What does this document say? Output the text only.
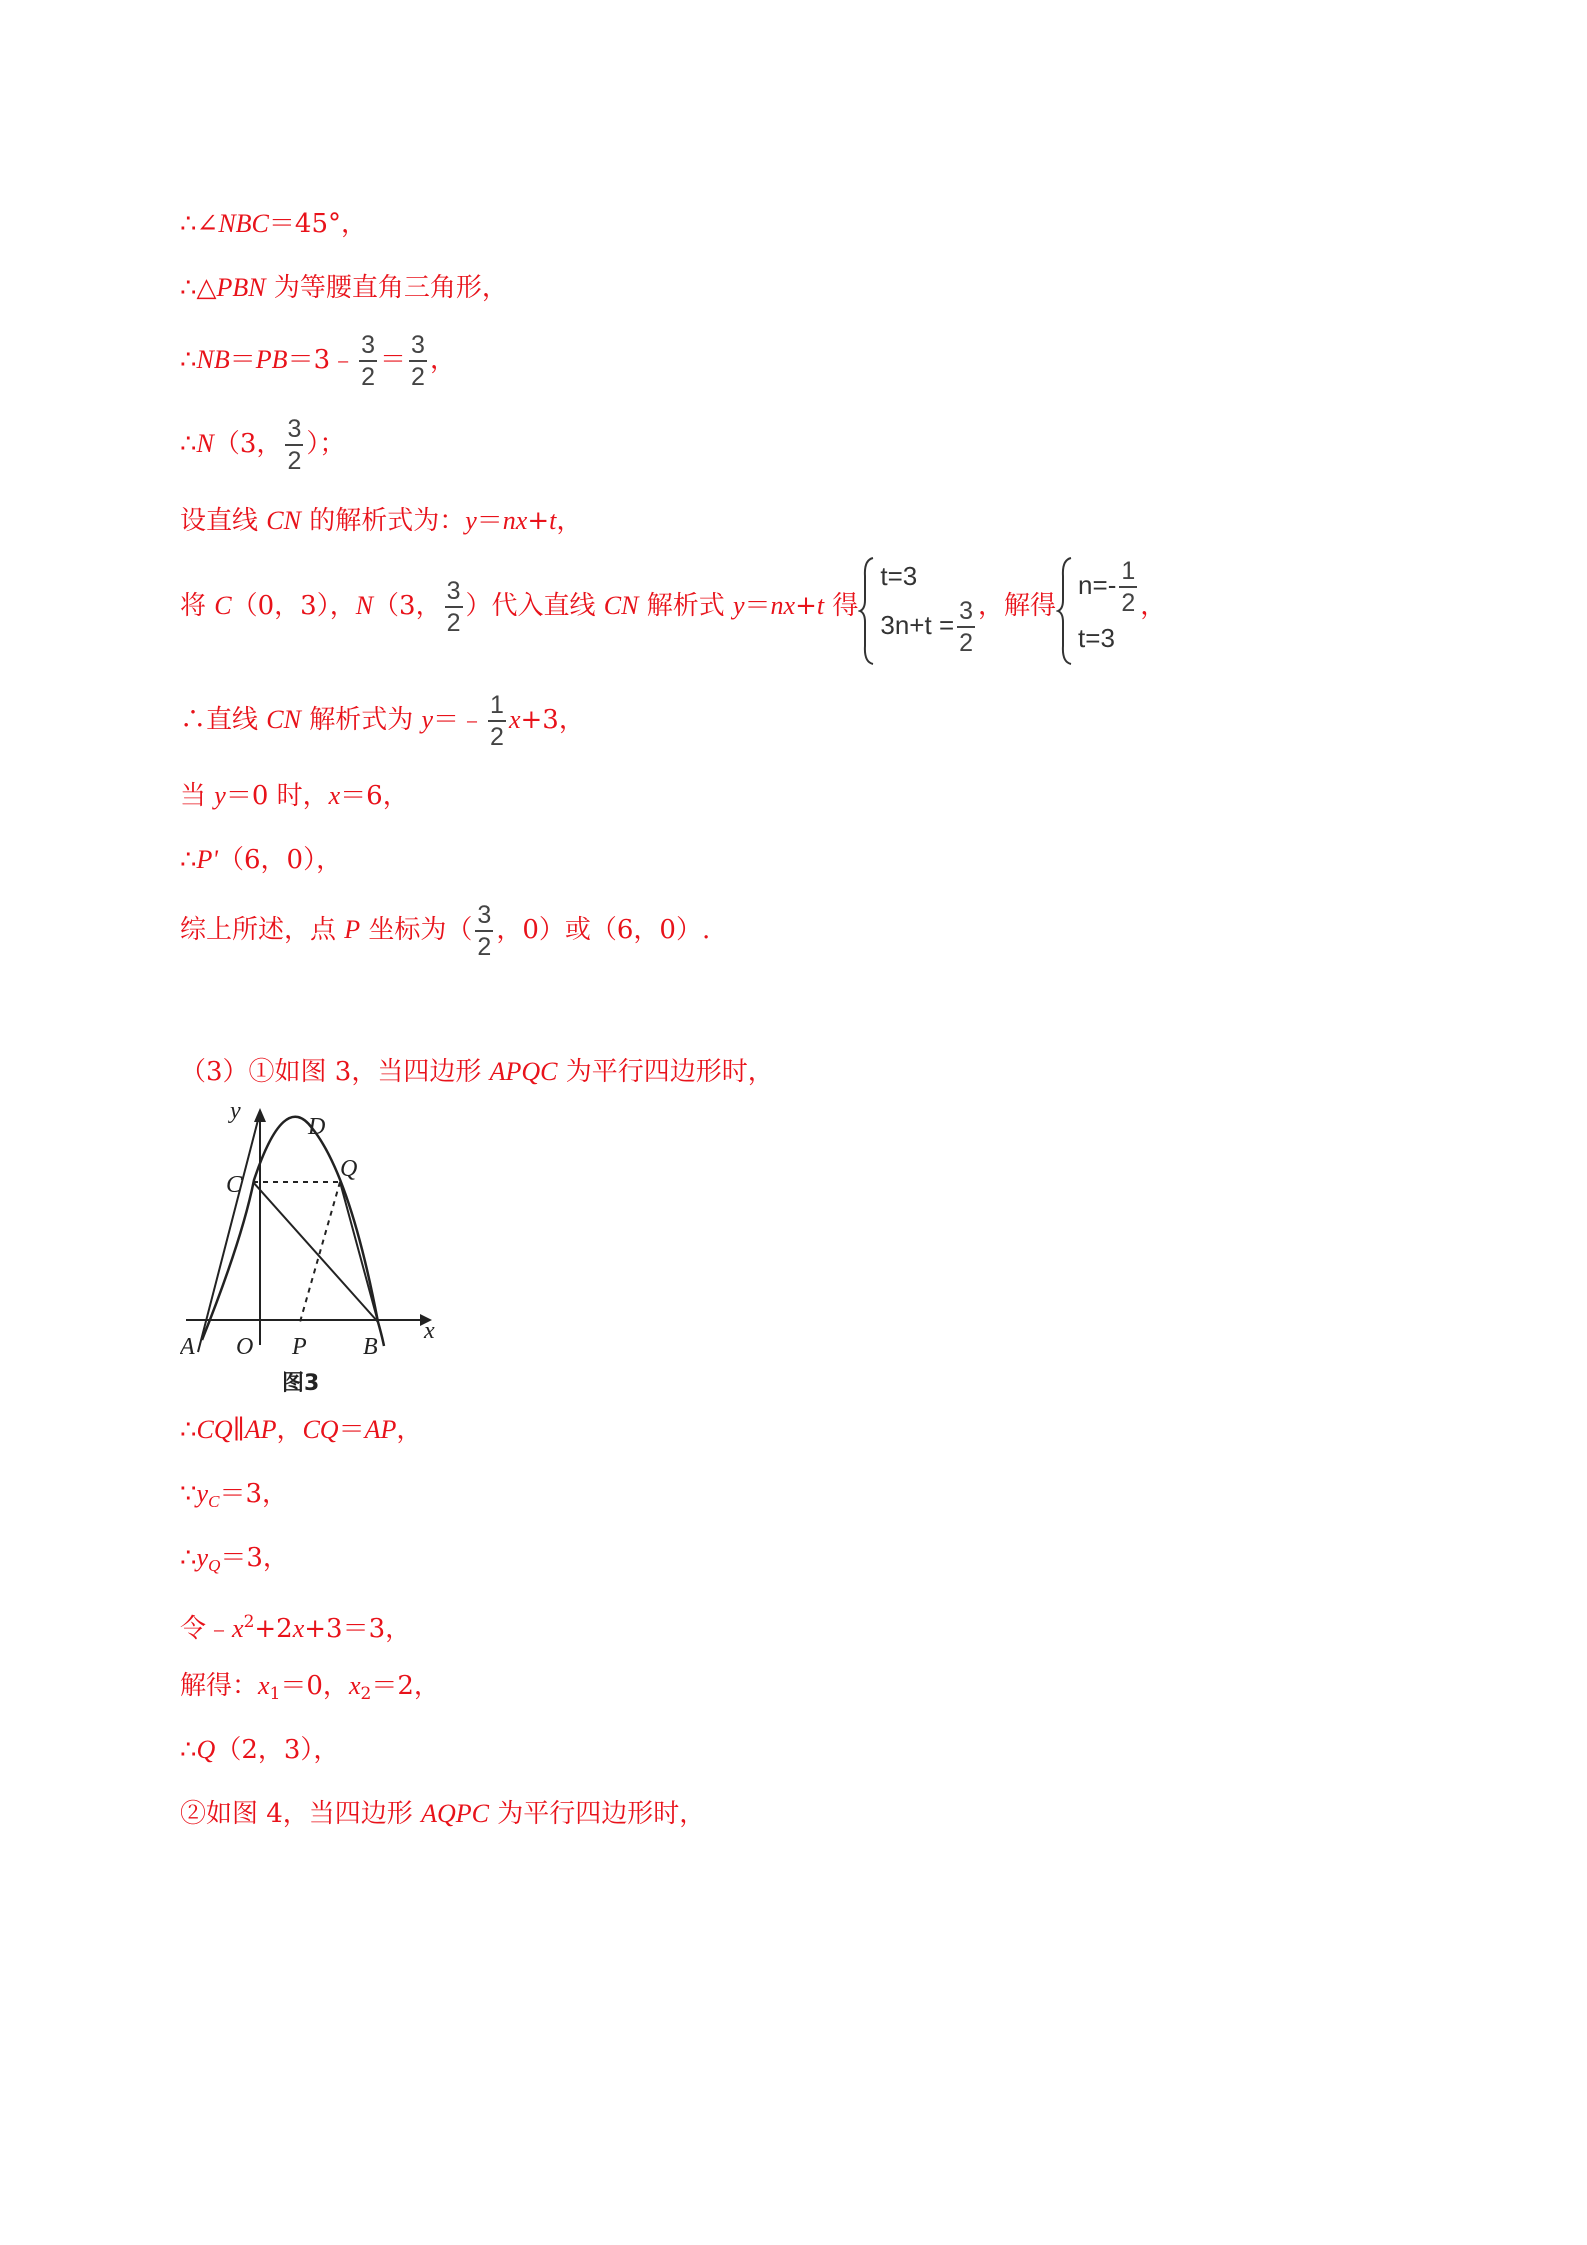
∴∠NBC＝45°，
∴△PBN 为等腰直角三角形，
∴NB＝PB＝3﹣ $\frac{3}{2} = \frac{3}{2}$ ，
∴N（3， $\frac{3}{2}$ ）；
设直线 CN 的解析式为：y＝nx+t，
将 C（0，3），N（3， $\frac{3}{2}$ ）代入直线 CN 解析式 y＝nx+t 得
t=3
$3n+t = \frac{3}{2}$ ，解得
$n=- \frac{1}{2}$
t=3
，
∴直线 CN 解析式为 y＝﹣ $\frac{1}{2} x+3$，
当 y＝0 时，x＝6，
∴P'（6，0），
综上所述，点 P 坐标为（ $\frac{3}{2}$ ，0）或（6，0）.
（3）①如图 3，当四边形 APQC 为平行四边形时，
y
x
D
C
Q
A O P B
图3
∴CQ∥AP，CQ＝AP，
$\because y_C=3$，
$\therefore y_Q=3$，
令$﹣x^2+2x+3=3$，
解得：$x_1=0$，$x_2=2$，
∴Q（2，3），
②如图 4，当四边形 AQPC 为平行四边形时，
